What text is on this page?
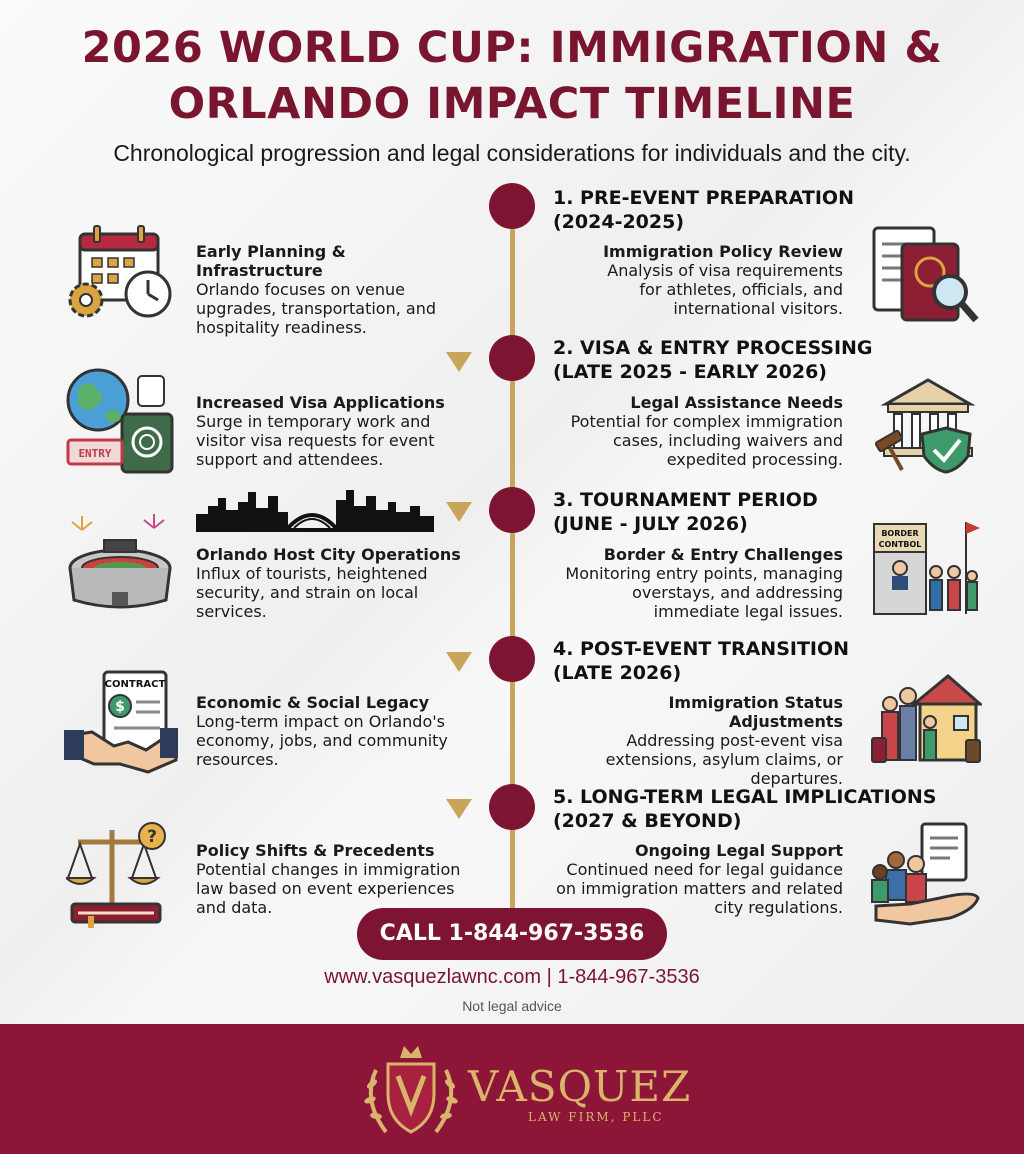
2026 WORLD CUP: IMMIGRATION &
ORLANDO IMPACT TIMELINE
Chronological progression and legal considerations for individuals and the city.
1. PRE-EVENT PREPARATION
(2024-2025)
Early Planning & Infrastructure
Orlando focuses on venue
upgrades, transportation, and
hospitality readiness.
Immigration Policy Review
Analysis of visa requirements
for athletes, officials, and
international visitors.
2. VISA & ENTRY PROCESSING
(LATE 2025 - EARLY 2026)
ENTRY
Increased Visa Applications
Surge in temporary work and
visitor visa requests for event
support and attendees.
Legal Assistance Needs
Potential for complex immigration
cases, including waivers and
expedited processing.
3. TOURNAMENT PERIOD
(JUNE - JULY 2026)
Orlando Host City Operations
Influx of tourists, heightened
security, and strain on local
services.
Border & Entry Challenges
Monitoring entry points, managing
overstays, and addressing
immediate legal issues.
BORDER
CONTBOL
4. POST-EVENT TRANSITION
(LATE 2026)
CONTRACT
$	Economic & Social Legacy
Long-term impact on Orlando's
economy, jobs, and community
resources.
Immigration Status Adjustments
Addressing post-event visa
extensions, asylum claims, or
departures.
5. LONG-TERM LEGAL IMPLICATIONS
(2027 & BEYOND)
?
Policy Shifts & Precedents
Potential changes in immigration
law based on event experiences
and data.
Ongoing Legal Support
Continued need for legal guidance
on immigration matters and related
city regulations.
CALL 1-844-967-3536
www.vasquezlawnc.com | 1-844-967-3536
Not legal advice
VASQUEZ
LAW FIRM, PLLC
